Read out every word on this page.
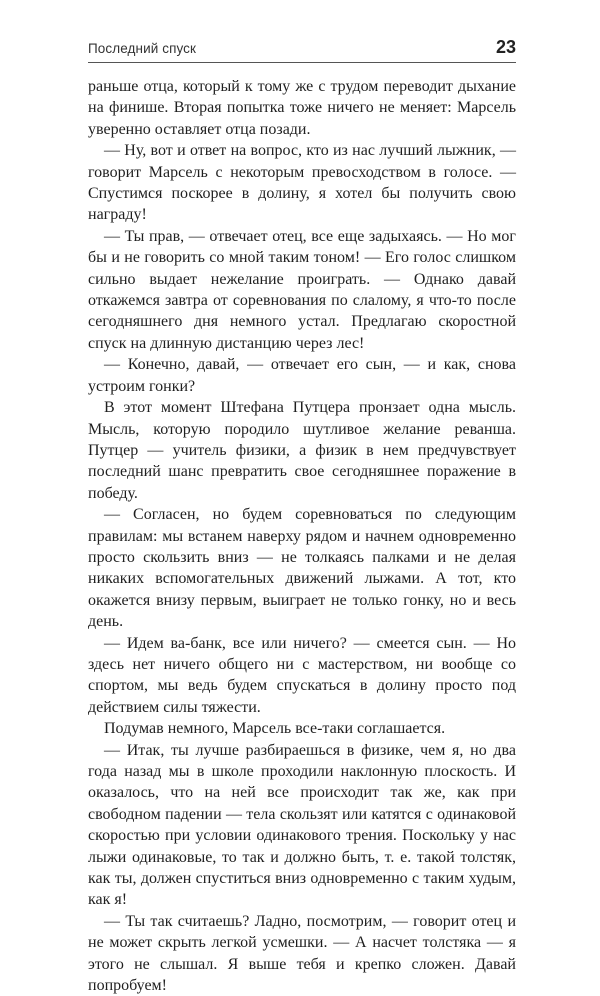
Последний спуск	23

раньше отца, который к тому же с трудом переводит дыхание на финише. Вторая попытка тоже ничего не меняет: Марсель уверенно оставляет отца позади.

— Ну, вот и ответ на вопрос, кто из нас лучший лыжник, — говорит Марсель с некоторым превосходством в голосе. — Спустимся поскорее в долину, я хотел бы получить свою награду!

— Ты прав, — отвечает отец, все еще задыхаясь. — Но мог бы и не говорить со мной таким тоном! — Его голос слишком сильно выдает нежелание проиграть. — Однако давай откажемся завтра от соревнования по слалому, я что-то после сегодняшнего дня немного устал. Предлагаю скоростной спуск на длинную дистанцию через лес!

— Конечно, давай, — отвечает его сын, — и как, снова устроим гонки?

В этот момент Штефана Путцера пронзает одна мысль. Мысль, которую породило шутливое желание реванша. Путцер — учитель физики, а физик в нем предчувствует последний шанс превратить свое сегодняшнее поражение в победу.

— Согласен, но будем соревноваться по следующим правилам: мы встанем наверху рядом и начнем одновременно просто скользить вниз — не толкаясь палками и не делая никаких вспомогательных движений лыжами. А тот, кто окажется внизу первым, выиграет не только гонку, но и весь день.

— Идем ва-банк, все или ничего? — смеется сын. — Но здесь нет ничего общего ни с мастерством, ни вообще со спортом, мы ведь будем спускаться в долину просто под действием силы тяжести.

Подумав немного, Марсель все-таки соглашается.

— Итак, ты лучше разбираешься в физике, чем я, но два года назад мы в школе проходили наклонную плоскость. И оказалось, что на ней все происходит так же, как при свободном падении — тела скользят или катятся с одинаковой скоростью при условии одинакового трения. Поскольку у нас лыжи одинаковые, то так и должно быть, т. е. такой толстяк, как ты, должен спуститься вниз одновременно с таким худым, как я!

— Ты так считаешь? Ладно, посмотрим, — говорит отец и не может скрыть легкой усмешки. — А насчет толстяка — я этого не слышал. Я выше тебя и крепко сложен. Давай попробуем!
